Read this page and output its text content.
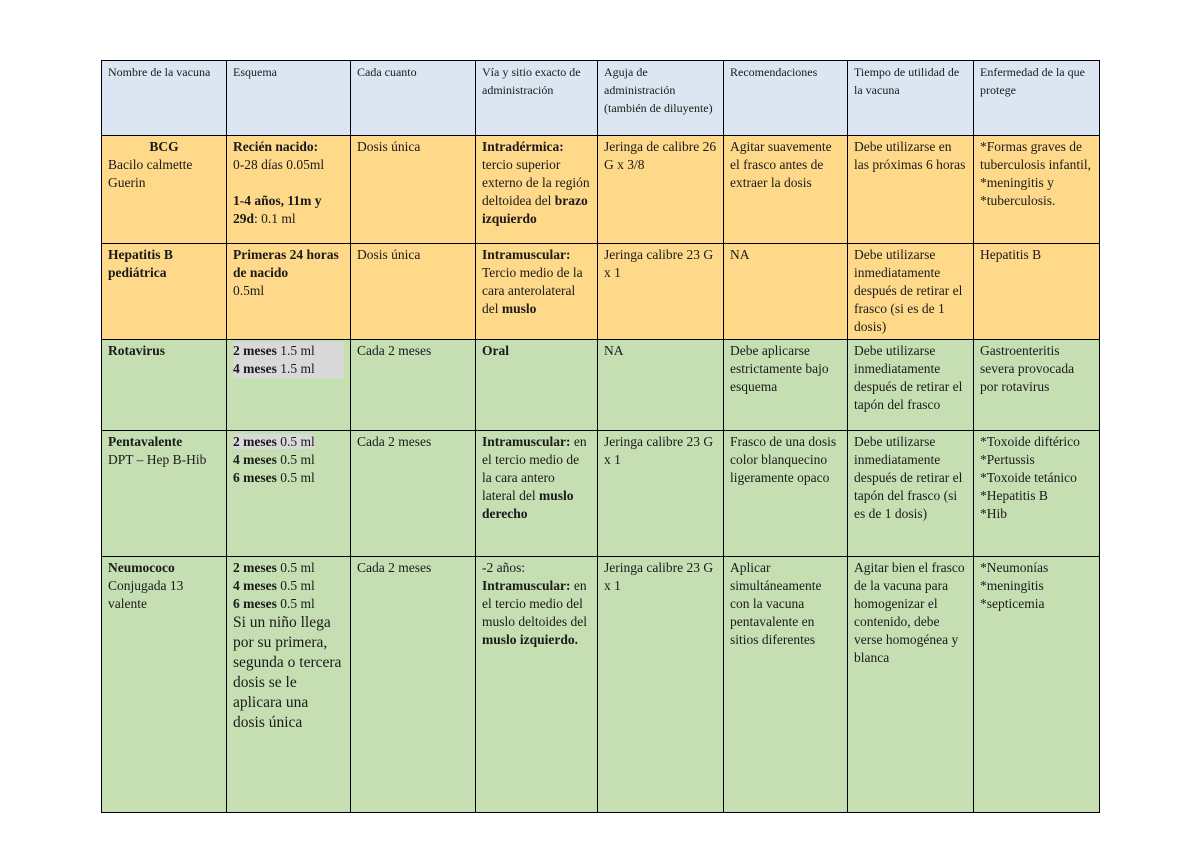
Nombre de la vacuna	Esquema	Cada cuanto	Vía y sitio exacto de administración	Aguja de administración (también de diluyente)	Recomendaciones	Tiempo de utilidad de la vacuna	Enfermedad de la que protege

BCG
Bacilo calmette Guerin	Recién nacido:
0-28 días 0.05ml
1-4 años, 11m y 29d: 0.1 ml	Dosis única	Intradérmica: tercio superior externo de la región deltoidea del brazo izquierdo	Jeringa de calibre 26 G x 3/8	Agitar suavemente el frasco antes de extraer la dosis	Debe utilizarse en las próximas 6 horas	*Formas graves de tuberculosis infantil,
*meningitis y
*tuberculosis.

Hepatitis B pediátrica	Primeras 24 horas de nacido
0.5ml	Dosis única	Intramuscular: Tercio medio de la cara anterolateral del muslo	Jeringa calibre 23 G x 1	NA	Debe utilizarse inmediatamente después de retirar el frasco (si es de 1 dosis)	Hepatitis B
Rotavirus	2 meses 1.5 ml
4 meses 1.5 ml	Cada 2 meses	Oral	NA	Debe aplicarse estrictamente bajo esquema	Debe utilizarse inmediatamente después de retirar el tapón del frasco	Gastroenteritis severa provocada por rotavirus

Pentavalente
DPT – Hep B-Hib	2 meses 0.5 ml
4 meses 0.5 ml
6 meses 0.5 ml	Cada 2 meses	Intramuscular: en el tercio medio de la cara antero lateral del muslo derecho	Jeringa calibre 23 G x 1	Frasco de una dosis color blanquecino ligeramente opaco	Debe utilizarse inmediatamente después de retirar el tapón del frasco (si es de 1 dosis)	*Toxoide diftérico
*Pertussis
*Toxoide tetánico
*Hepatitis B
*Hib

Neumococo
Conjugada 13 valente	2 meses 0.5 ml
4 meses 0.5 ml
6 meses 0.5 ml
Si un niño llega por su primera, segunda o tercera dosis se le aplicara una dosis única	Cada 2 meses	-2 años:
Intramuscular: en el tercio medio del muslo deltoides del muslo izquierdo.	Jeringa calibre 23 G x 1	Aplicar simultáneamente con la vacuna pentavalente en sitios diferentes	Agitar bien el frasco de la vacuna para homogenizar el contenido, debe verse homogénea y blanca	*Neumonías
*meningitis
*septicemia
